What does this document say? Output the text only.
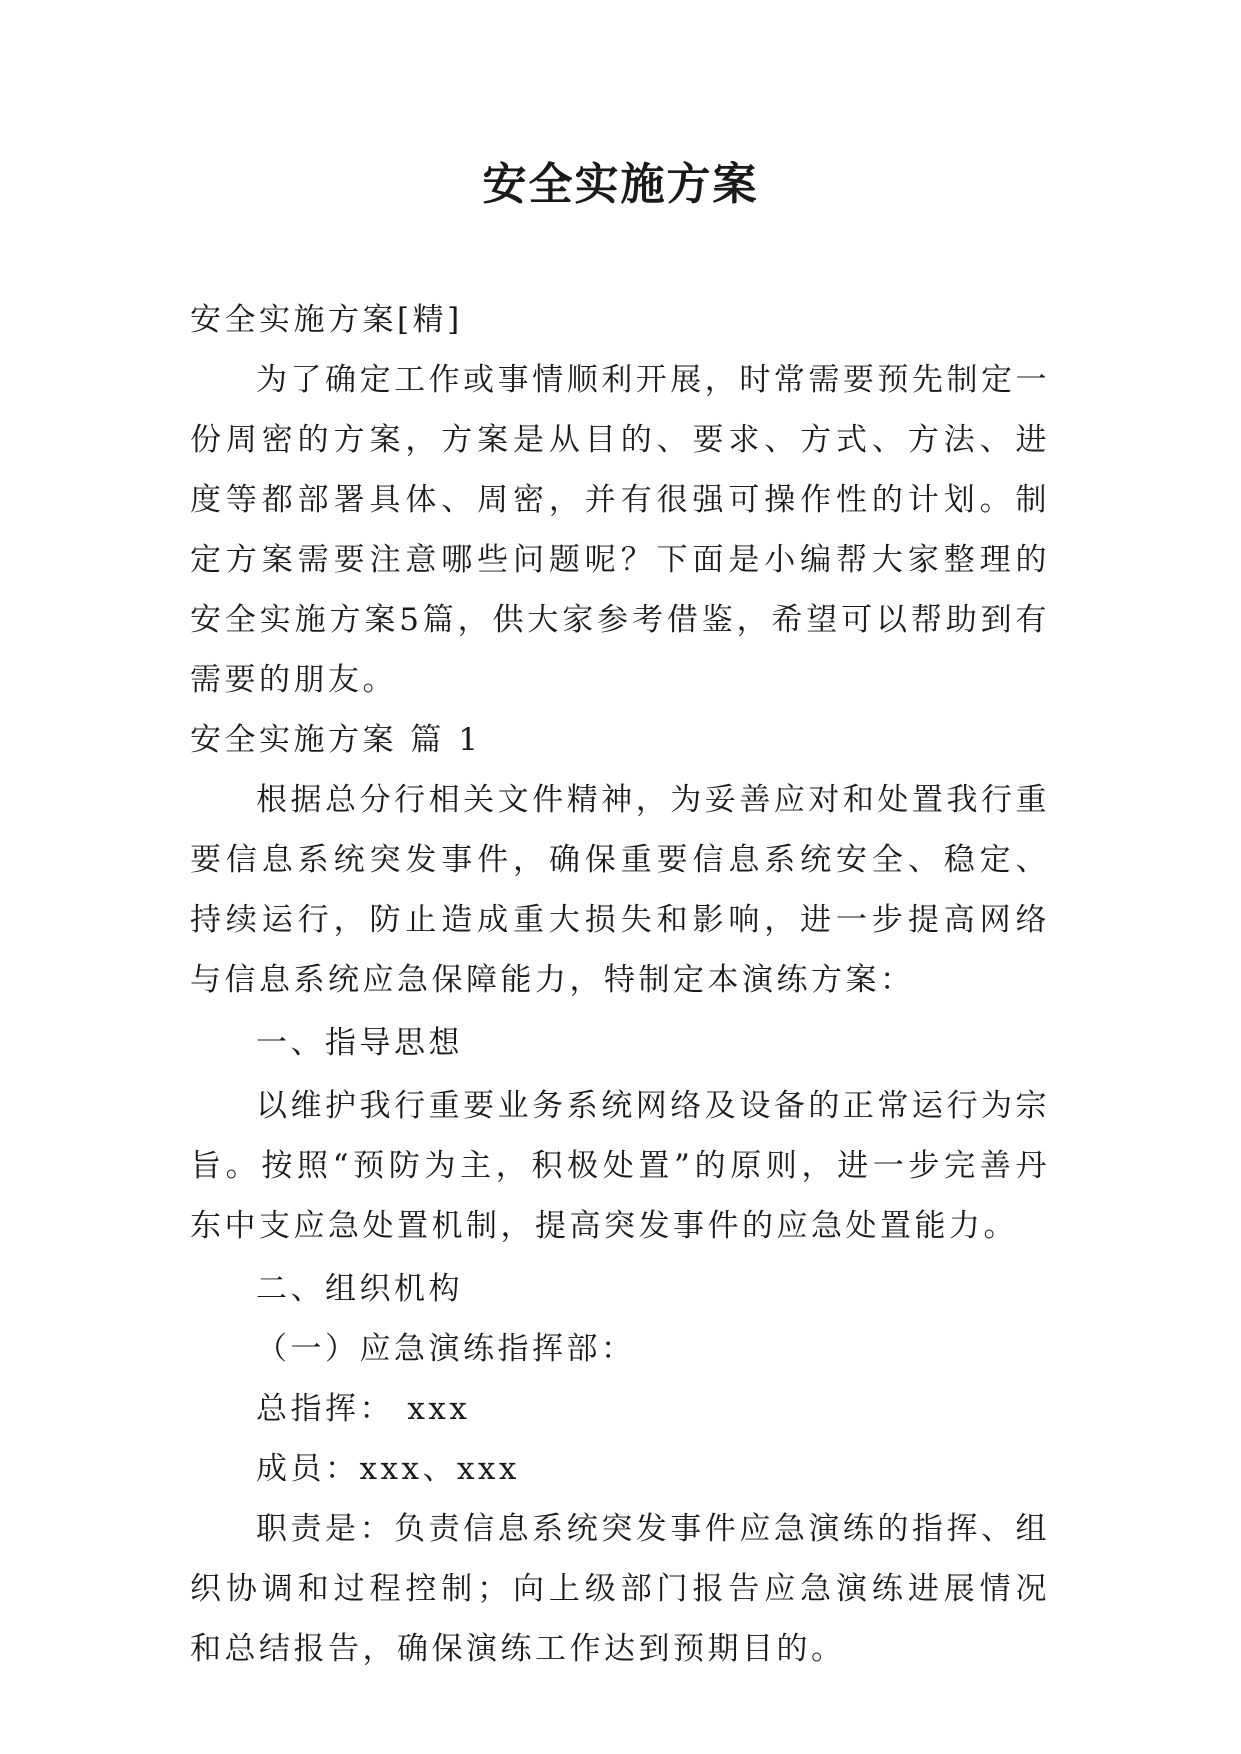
安全实施方案

安全实施方案[精]

为了确定工作或事情顺利开展，时常需要预先制定一份周密的方案，方案是从目的、要求、方式、方法、进度等都部署具体、周密，并有很强可操作性的计划。制定方案需要注意哪些问题呢？下面是小编帮大家整理的安全实施方案5篇，供大家参考借鉴，希望可以帮助到有需要的朋友。

安全实施方案 篇 1

根据总分行相关文件精神，为妥善应对和处置我行重要信息系统突发事件，确保重要信息系统安全、稳定、持续运行，防止造成重大损失和影响，进一步提高网络与信息系统应急保障能力，特制定本演练方案：

一、指导思想

以维护我行重要业务系统网络及设备的正常运行为宗旨。按照“预防为主，积极处置”的原则，进一步完善丹东中支应急处置机制，提高突发事件的应急处置能力。

二、组织机构

（一）应急演练指挥部：

总指挥： xxx

成员：xxx、xxx

职责是：负责信息系统突发事件应急演练的指挥、组织协调和过程控制；向上级部门报告应急演练进展情况和总结报告，确保演练工作达到预期目的。
